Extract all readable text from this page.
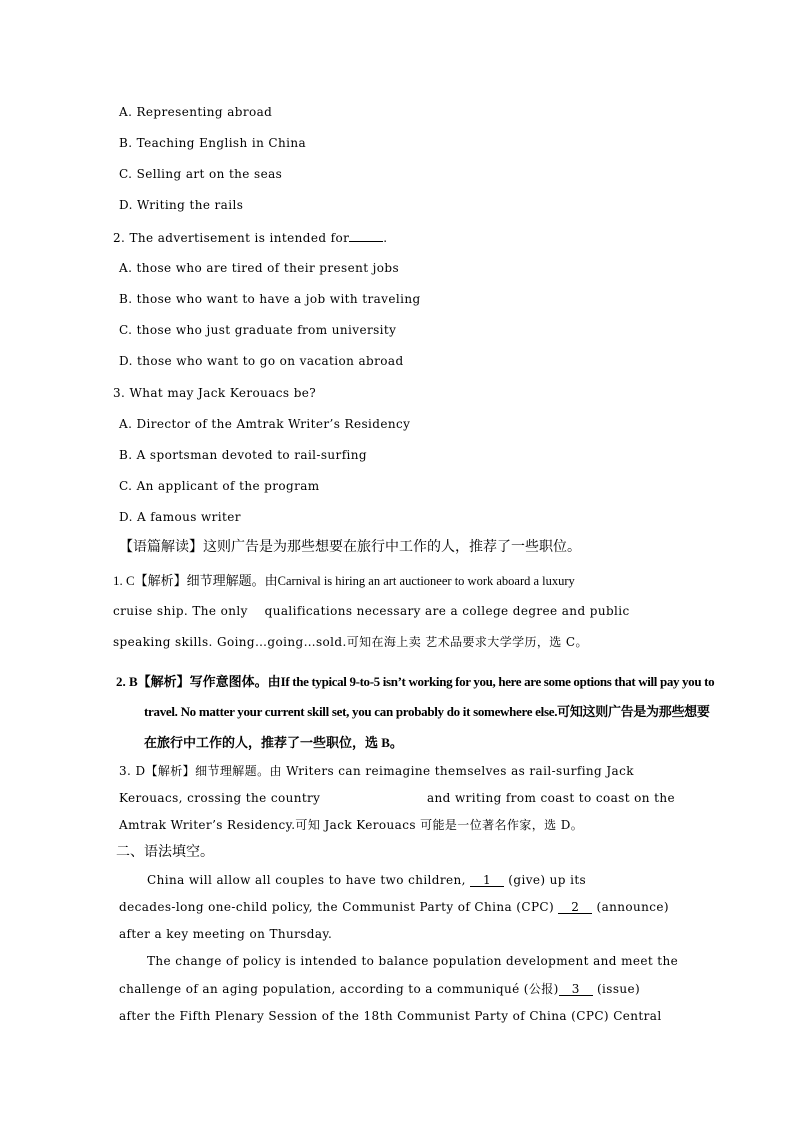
A. Representing abroad
B. Teaching English in China
C. Selling art on the seas
D. Writing the rails
2. The advertisement is intended for	.
A. those who are tired of their present jobs
B. those who want to have a job with traveling
C. those who just graduate from university
D. those who want to go on vacation abroad
3. What may Jack Kerouacs be?
A. Director of the Amtrak Writer’s Residency
B. A sportsman devoted to rail-surfing
C. An applicant of the program
D. A famous writer
【语篇解读】这则广告是为那些想要在旅行中工作的人，推荐了一些职位。
1. C【解析】细节理解题。由Carnival is hiring an art auctioneer to work aboard a luxury
cruise ship. The only    qualifications necessary are a college degree and public
speaking skills. Going…going…sold.可知在海上卖 艺术品要求大学学历，选 C。
2. B【解析】写作意图体。由If the typical 9-to-5 isn’t working for you, here are some options that will pay you to
travel. No matter your current skill set, you can probably do it somewhere else.可知这则广告是为那些想要
在旅行中工作的人，推荐了一些职位，选 B。
3. D【解析】细节理解题。由 Writers can reimagine themselves as rail-surfing Jack
Kerouacs, crossing the country	and writing from coast to coast on the
Amtrak Writer’s Residency.可知 Jack Kerouacs 可能是一位著名作家，选 D。
二、语法填空。
China will allow all couples to have two children, 1 (give) up its
decades-long one-child policy, the Communist Party of China (CPC) 2 (announce)
after a key meeting on Thursday.
The change of policy is intended to balance population development and meet the
challenge of an aging population, according to a communiqué (公报) 3 (issue)
after the Fifth Plenary Session of the 18th Communist Party of China (CPC) Central
